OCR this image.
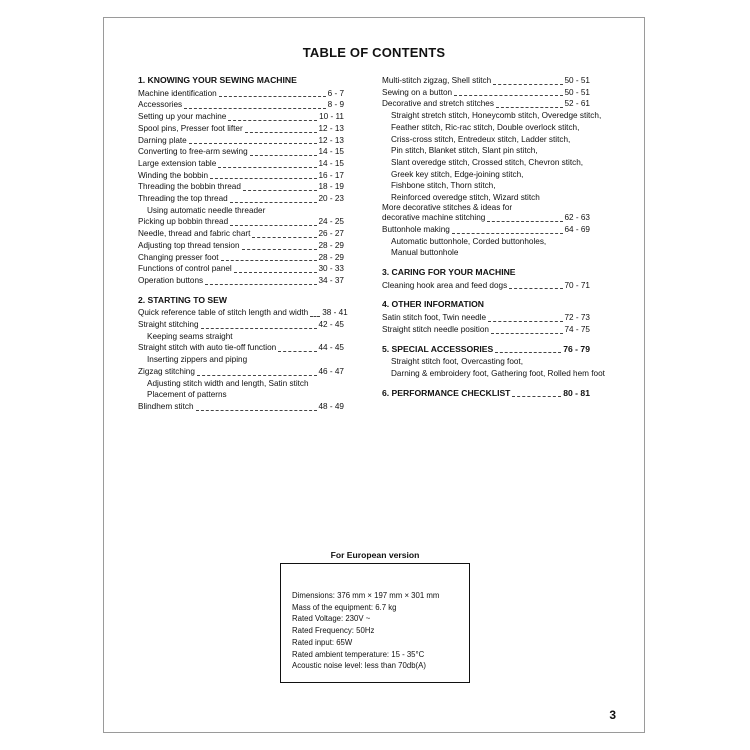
TABLE OF CONTENTS
1. KNOWING YOUR SEWING MACHINE
Machine identification	6 - 7
Accessories	8 - 9
Setting up your machine	10 - 11
Spool pins, Presser foot lifter	12 - 13
Darning plate	12 - 13
Converting to free-arm sewing	14 - 15
Large extension table	14 - 15
Winding the bobbin	16 - 17
Threading the bobbin thread	18 - 19
Threading the top thread	20 - 23
Using automatic needle threader
Picking up bobbin thread	24 - 25
Needle, thread and fabric chart	26 - 27
Adjusting top thread tension	28 - 29
Changing presser foot	28 - 29
Functions of control panel	30 - 33
Operation buttons	34 - 37
2. STARTING TO SEW
Quick reference table of stitch length and width 38 - 41
Straight stitching	42 - 45
Keeping seams straight
Straight stitch with auto tie-off function	44 - 45
Inserting zippers and piping
Zigzag stitching	46 - 47
Adjusting stitch width and length, Satin stitch
Placement of patterns
Blindhem stitch	48 - 49
Multi-stitch zigzag, Shell stitch	50 - 51
Sewing on a button	50 - 51
Decorative and stretch stitches	52 - 61
Straight stretch stitch, Honeycomb stitch, Overedge stitch,
Feather stitch, Ric-rac stitch, Double overlock stitch,
Criss-cross stitch, Entredeux stitch, Ladder stitch,
Pin stitch, Blanket stitch, Slant pin stitch,
Slant overedge stitch, Crossed stitch, Chevron stitch,
Greek key stitch, Edge-joining stitch,
Fishbone stitch, Thorn stitch,
Reinforced overedge stitch, Wizard stitch
More decorative stitches & ideas for
decorative machine stitching	62 - 63
Buttonhole making	64 - 69
Automatic buttonhole, Corded buttonholes,
Manual buttonhole
3. CARING FOR YOUR MACHINE
Cleaning hook area and feed dogs	70 - 71
4. OTHER INFORMATION
Satin stitch foot, Twin needle	72 - 73
Straight stitch needle position	74 - 75
5. SPECIAL ACCESSORIES	76 - 79
Straight stitch foot, Overcasting foot,
Darning & embroidery foot, Gathering foot, Rolled hem foot
6. PERFORMANCE CHECKLIST	80 - 81
For European version
Dimensions: 376 mm × 197 mm × 301 mm
Mass of the equipment: 6.7 kg
Rated Voltage: 230V ~
Rated Frequency: 50Hz
Rated input: 65W
Rated ambient temperature: 15 - 35°C
Acoustic noise level: less than 70db(A)
3
